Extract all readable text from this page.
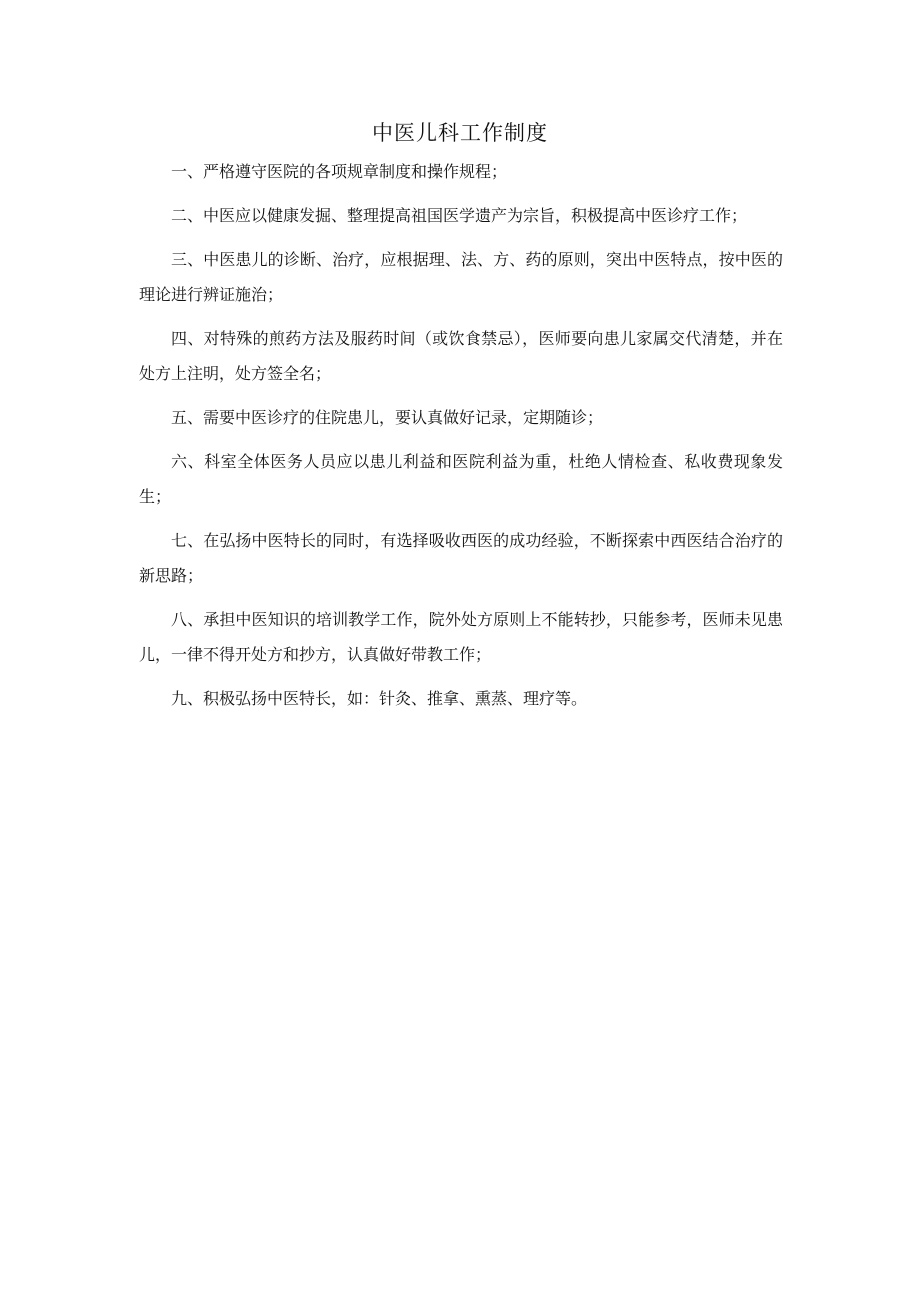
中医儿科工作制度

一、严格遵守医院的各项规章制度和操作规程；

二、中医应以健康发掘、整理提高祖国医学遗产为宗旨，积极提高中医诊疗工作；

三、中医患儿的诊断、治疗，应根据理、法、方、药的原则，突出中医特点，按中医的理论进行辨证施治；

四、对特殊的煎药方法及服药时间（或饮食禁忌），医师要向患儿家属交代清楚，并在处方上注明，处方签全名；

五、需要中医诊疗的住院患儿，要认真做好记录，定期随诊；

六、科室全体医务人员应以患儿利益和医院利益为重，杜绝人情检查、私收费现象发生；

七、在弘扬中医特长的同时，有选择吸收西医的成功经验，不断探索中西医结合治疗的新思路；

八、承担中医知识的培训教学工作，院外处方原则上不能转抄，只能参考，医师未见患儿，一律不得开处方和抄方，认真做好带教工作；

九、积极弘扬中医特长，如：针灸、推拿、熏蒸、理疗等。
